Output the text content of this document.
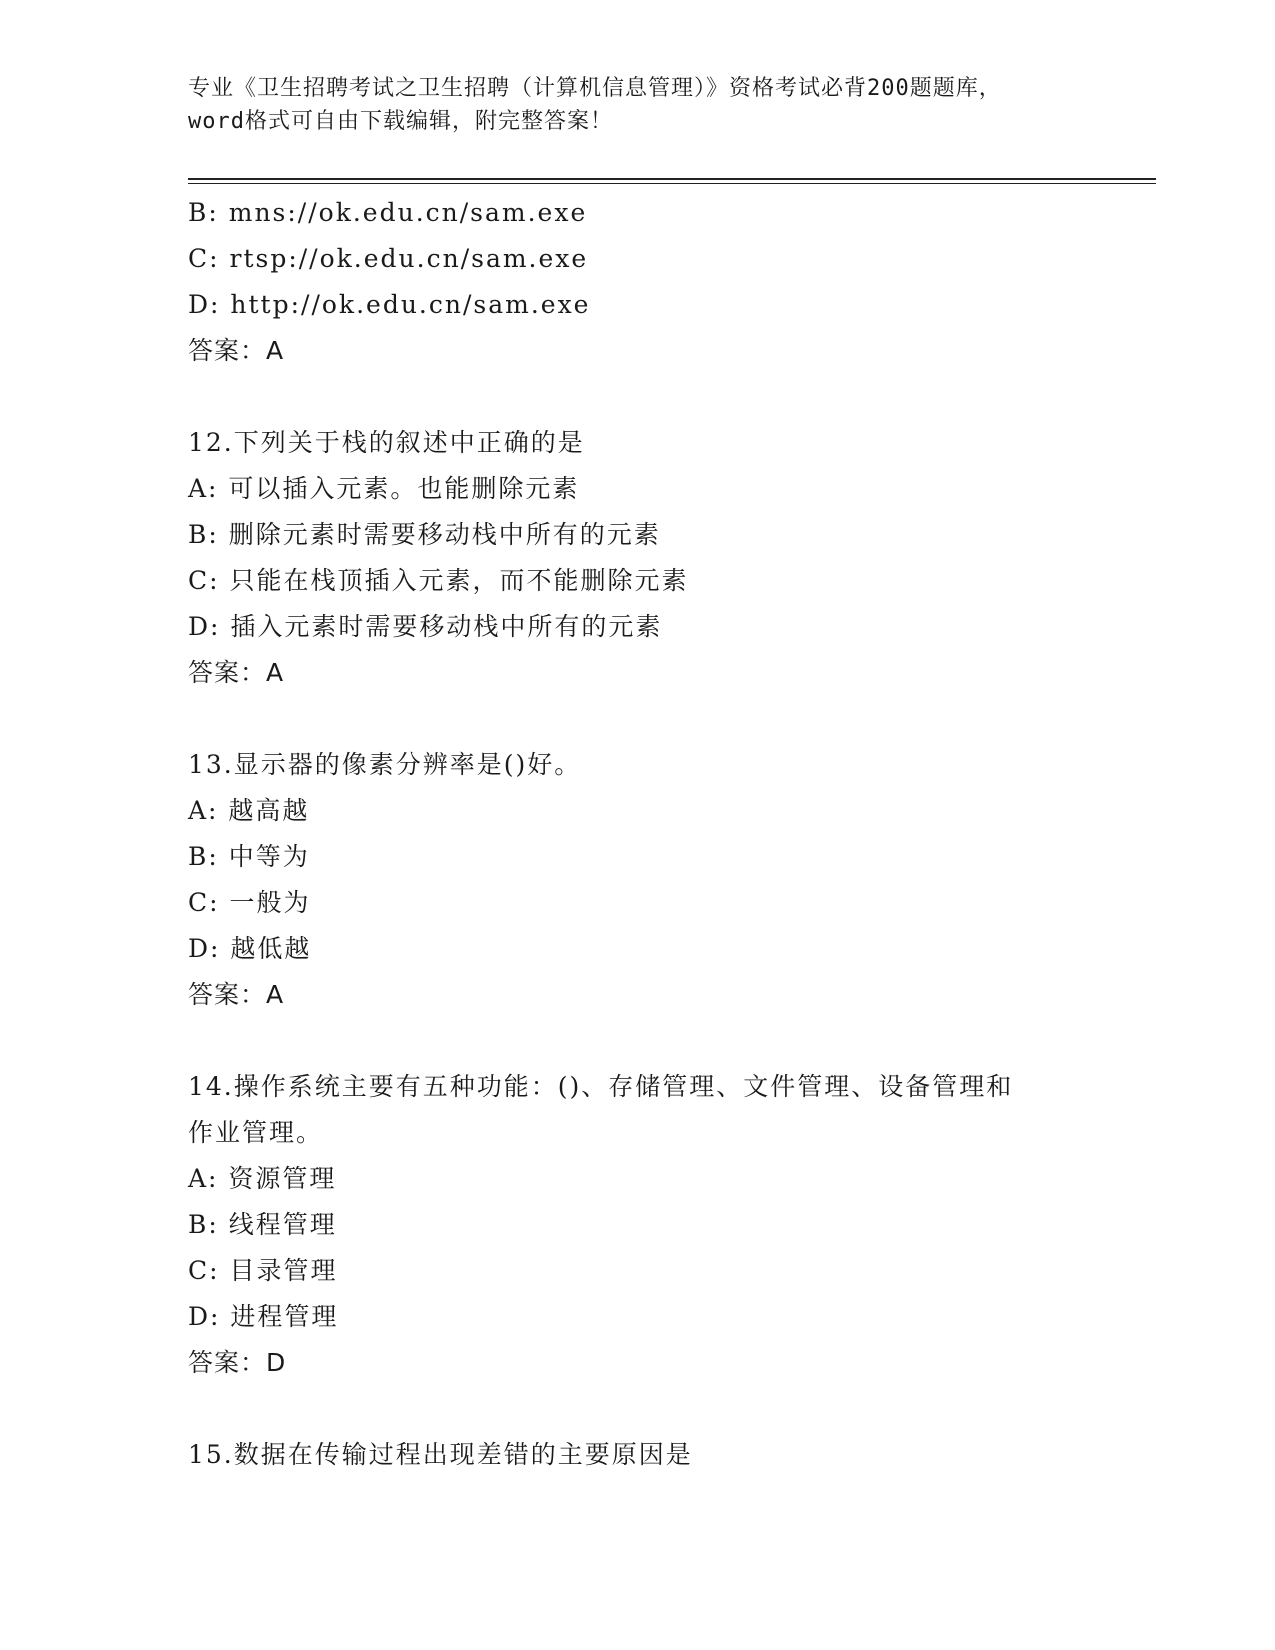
专业《卫生招聘考试之卫生招聘（计算机信息管理）》资格考试必背200题题库，
word格式可自由下载编辑，附完整答案！
B: mns://ok.edu.cn/sam.exe
C: rtsp://ok.edu.cn/sam.exe
D: http://ok.edu.cn/sam.exe
答案：A
12.下列关于栈的叙述中正确的是
A: 可以插入元素。也能删除元素
B: 删除元素时需要移动栈中所有的元素
C: 只能在栈顶插入元素，而不能删除元素
D: 插入元素时需要移动栈中所有的元素
答案：A
13.显示器的像素分辨率是()好。
A: 越高越
B: 中等为
C: 一般为
D: 越低越
答案：A
14.操作系统主要有五种功能：()、存储管理、文件管理、设备管理和
作业管理。
A: 资源管理
B: 线程管理
C: 目录管理
D: 进程管理
答案：D
15.数据在传输过程出现差错的主要原因是
